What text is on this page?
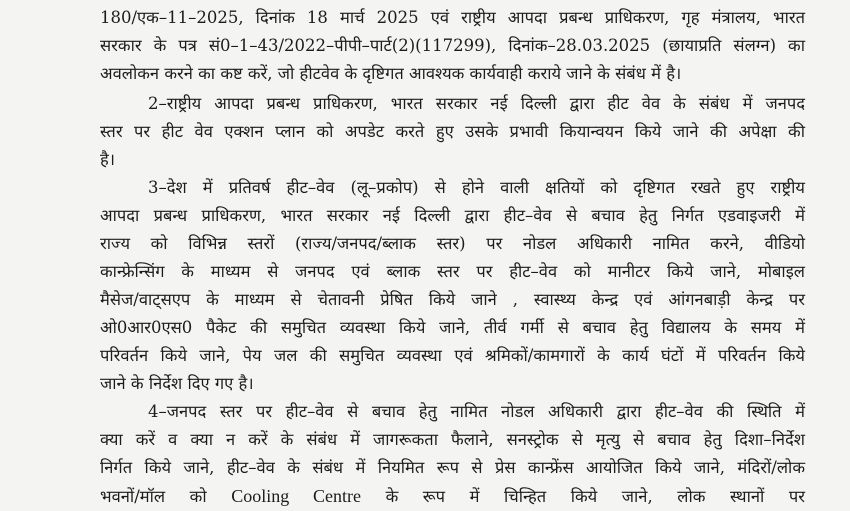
180/एक–11–2025, दिनांक 18 मार्च 2025 एवं राष्ट्रीय आपदा प्रबन्ध प्राधिकरण, गृह मंत्रालय, भारत
सरकार के पत्र सं0–1–43/2022–पीपी–पार्ट(2)(117299), दिनांक–28.03.2025 (छायाप्रति संलग्न) का
अवलोकन करने का कष्ट करें, जो हीटवेव के दृष्टिगत आवश्यक कार्यवाही कराये जाने के संबंध में है।
2–राष्ट्रीय आपदा प्रबन्ध प्राधिकरण, भारत सरकार नई दिल्ली द्वारा हीट वेव के संबंध में जनपद
स्तर पर हीट वेव एक्शन प्लान को अपडेट करते हुए उसके प्रभावी कियान्वयन किये जाने की अपेक्षा की
है।
3–देश में प्रतिवर्ष हीट–वेव (लू–प्रकोप) से होने वाली क्षतियों को दृष्टिगत रखते हुए राष्ट्रीय
आपदा प्रबन्ध प्राधिकरण, भारत सरकार नई दिल्ली द्वारा हीट–वेव से बचाव हेतु निर्गत एडवाइजरी में
राज्य को विभिन्न स्तरों (राज्य/जनपद/ब्लाक स्तर) पर नोडल अधिकारी नामित करने, वीडियो
कान्फ्रेन्सिंग के माध्यम से जनपद एवं ब्लाक स्तर पर हीट–वेव को मानीटर किये जाने, मोबाइल
मैसेज/वाट्सएप के माध्यम से चेतावनी प्रेषित किये जाने , स्वास्थ्य केन्द्र एवं आंगनबाड़ी केन्द्र पर
ओ0आर0एस0 पैकेट की समुचित व्यवस्था किये जाने, तीर्व गर्मी से बचाव हेतु विद्यालय के समय में
परिवर्तन किये जाने, पेय जल की समुचित व्यवस्था एवं श्रमिकों/कामगारों के कार्य घंटों में परिवर्तन किये
जाने के निर्देश दिए गए है।
4–जनपद स्तर पर हीट–वेव से बचाव हेतु नामित नोडल अधिकारी द्वारा हीट–वेव की स्थिति में
क्या करें व क्या न करें के संबंध में जागरूकता फैलाने, सनस्ट्रोक से मृत्यु से बचाव हेतु दिशा–निर्देश
निर्गत किये जाने, हीट–वेव के संबंध में नियमित रूप से प्रेस कान्फ्रेंस आयोजित किये जाने, मंदिरों/लोक
भवनों/मॉल को Cooling Centre के रूप में चिन्हित किये जाने, लोक स्थानों पर
